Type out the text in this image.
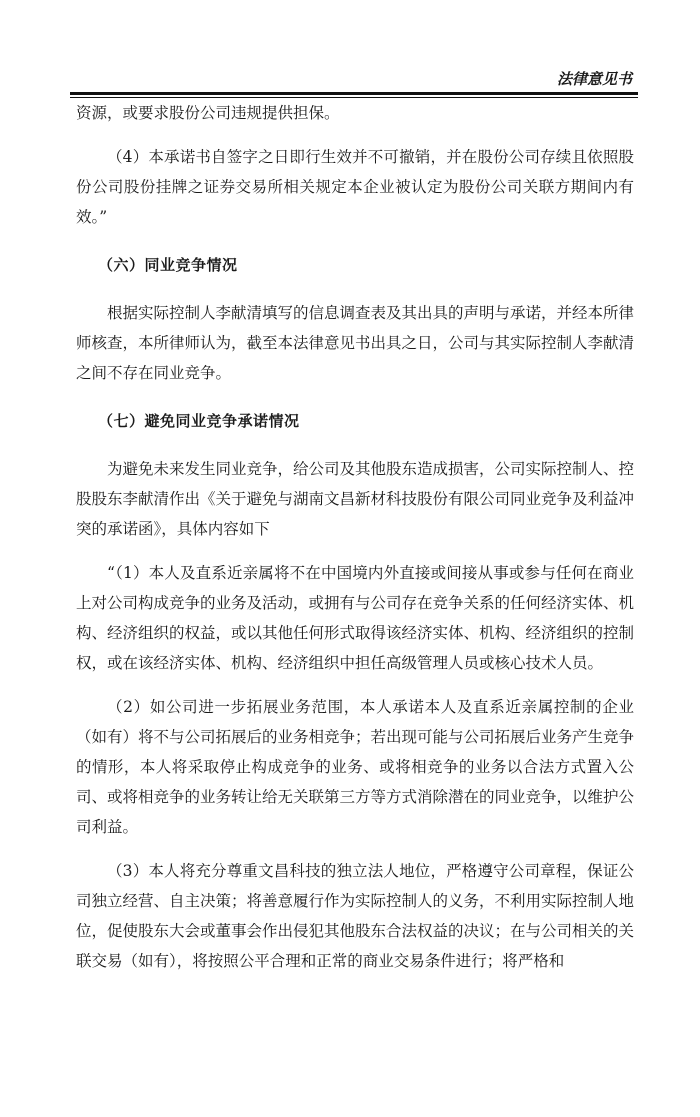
法律意见书

资源，或要求股份公司违规提供担保。

（4）本承诺书自签字之日即行生效并不可撤销，并在股份公司存续且依照股份公司股份挂牌之证券交易所相关规定本企业被认定为股份公司关联方期间内有效。”

（六）同业竞争情况

根据实际控制人李献清填写的信息调查表及其出具的声明与承诺，并经本所律师核查，本所律师认为，截至本法律意见书出具之日，公司与其实际控制人李献清之间不存在同业竞争。

（七）避免同业竞争承诺情况

为避免未来发生同业竞争，给公司及其他股东造成损害，公司实际控制人、控股股东李献清作出《关于避免与湖南文昌新材科技股份有限公司同业竞争及利益冲突的承诺函》，具体内容如下

“（1）本人及直系近亲属将不在中国境内外直接或间接从事或参与任何在商业上对公司构成竞争的业务及活动，或拥有与公司存在竞争关系的任何经济实体、机构、经济组织的权益，或以其他任何形式取得该经济实体、机构、经济组织的控制权，或在该经济实体、机构、经济组织中担任高级管理人员或核心技术人员。

（2）如公司进一步拓展业务范围，本人承诺本人及直系近亲属控制的企业（如有）将不与公司拓展后的业务相竞争；若出现可能与公司拓展后业务产生竞争的情形，本人将采取停止构成竞争的业务、或将相竞争的业务以合法方式置入公司、或将相竞争的业务转让给无关联第三方等方式消除潜在的同业竞争，以维护公司利益。

（3）本人将充分尊重文昌科技的独立法人地位，严格遵守公司章程，保证公司独立经营、自主决策；将善意履行作为实际控制人的义务，不利用实际控制人地位，促使股东大会或董事会作出侵犯其他股东合法权益的决议；在与公司相关的关联交易（如有），将按照公平合理和正常的商业交易条件进行；将严格和
